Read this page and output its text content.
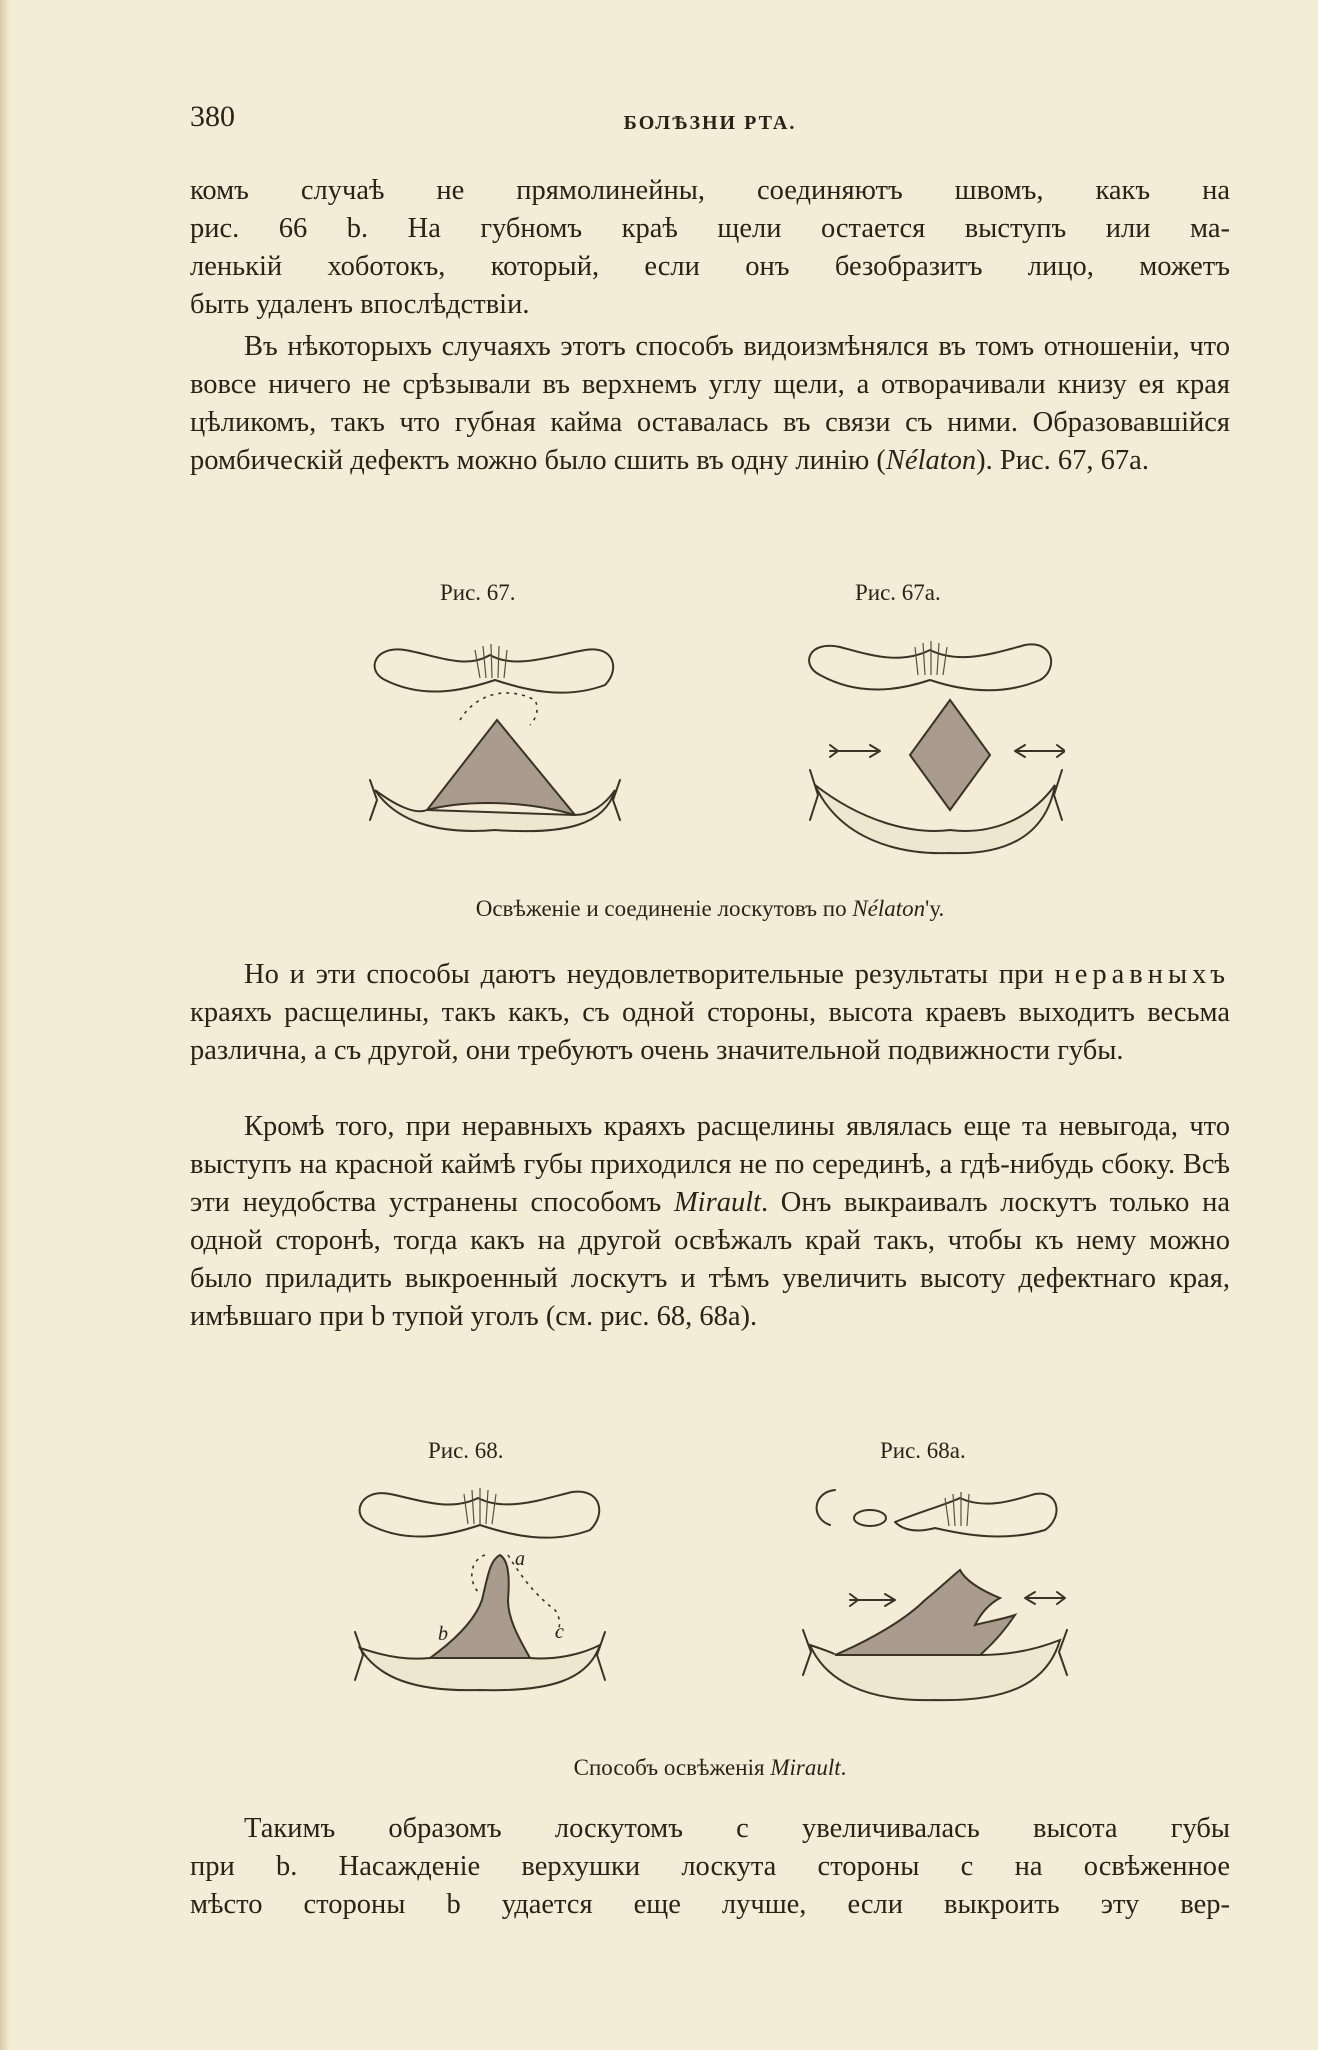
380	БОЛѢЗНИ РТА.

комъ случаѣ не прямолинейны, соединяютъ швомъ, какъ на

рис. 66 b. На губномъ краѣ щели остается выступъ или ма-

ленькій хоботокъ, который, если онъ безобразитъ лицо, можетъ

быть удаленъ впослѣдствіи.

Въ нѣкоторыхъ случаяхъ этотъ способъ видоизмѣнялся въ томъ отношеніи, что вовсе ничего не срѣзывали въ верхнемъ углу щели, а отворачивали книзу ея края цѣликомъ, такъ что губная кайма оставалась въ связи съ ними. Образовавшійся ромбическій дефектъ можно было сшить въ одну линію (Nélaton). Рис. 67, 67a.

Рис. 67.	Рис. 67a.
Освѣженіе и соединеніе лоскутовъ по Nélaton'у.

Но и эти способы даютъ неудовлетворительные результаты при неравныхъ краяхъ расщелины, такъ какъ, съ одной стороны, высота краевъ выходитъ весьма различна, а съ другой, они требуютъ очень значительной подвижности губы.

Кромѣ того, при неравныхъ краяхъ расщелины являлась еще та невыгода, что выступъ на красной каймѣ губы приходился не по серединѣ, а гдѣ-нибудь сбоку. Всѣ эти неудобства устранены способомъ Mirault. Онъ выкраивалъ лоскутъ только на одной сторонѣ, тогда какъ на другой освѣжалъ край такъ, чтобы къ нему можно было приладить выкроенный лоскутъ и тѣмъ увеличить высоту дефектнаго края, имѣвшаго при b тупой уголъ (см. рис. 68, 68a).

Рис. 68.	Рис. 68a.
a
b	c
Способъ освѣженія Mirault.

Такимъ образомъ лоскутомъ с увеличивалась высота губы

при b. Насажденіе верхушки лоскута стороны с на освѣженное

мѣсто стороны b удается еще лучше, если выкроить эту вер-
